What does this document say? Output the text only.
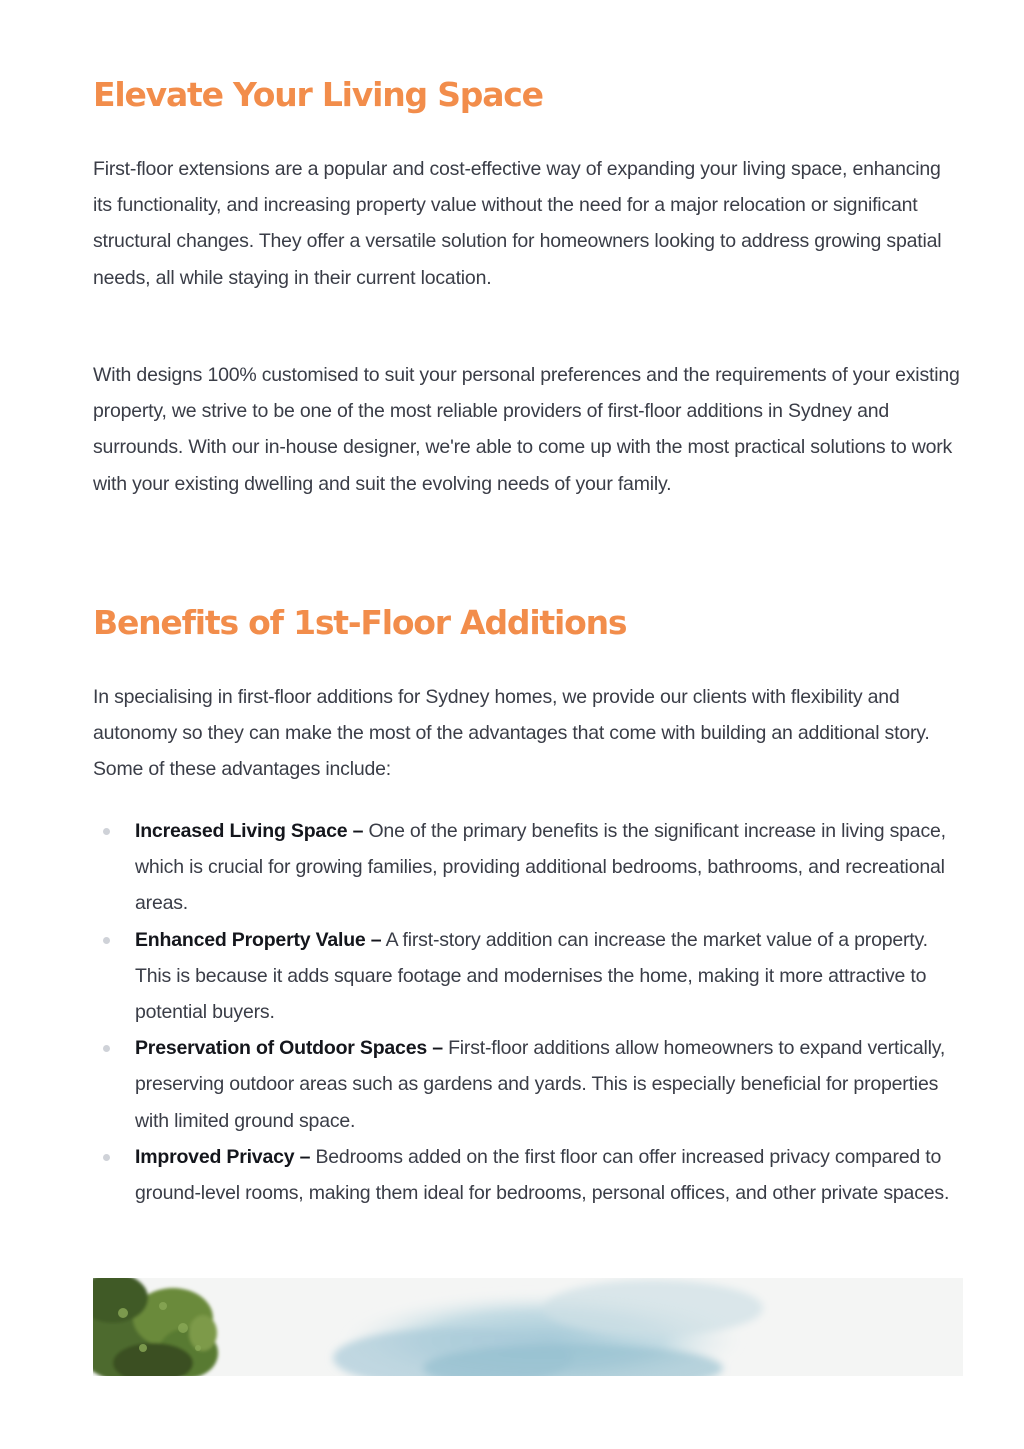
Elevate Your Living Space

First-floor extensions are a popular and cost-effective way of expanding your living space, enhancing its functionality, and increasing property value without the need for a major relocation or significant structural changes. They offer a versatile solution for homeowners looking to address growing spatial needs, all while staying in their current location.

With designs 100% customised to suit your personal preferences and the requirements of your existing property, we strive to be one of the most reliable providers of first-floor additions in Sydney and surrounds. With our in-house designer, we're able to come up with the most practical solutions to work with your existing dwelling and suit the evolving needs of your family.

Benefits of 1st-Floor Additions

In specialising in first-floor additions for Sydney homes, we provide our clients with flexibility and autonomy so they can make the most of the advantages that come with building an additional story. Some of these advantages include:

Increased Living Space – One of the primary benefits is the significant increase in living space, which is crucial for growing families, providing additional bedrooms, bathrooms, and recreational areas.
Enhanced Property Value – A first-story addition can increase the market value of a property. This is because it adds square footage and modernises the home, making it more attractive to potential buyers.
Preservation of Outdoor Spaces – First-floor additions allow homeowners to expand vertically, preserving outdoor areas such as gardens and yards. This is especially beneficial for properties with limited ground space.
Improved Privacy – Bedrooms added on the first floor can offer increased privacy compared to ground-level rooms, making them ideal for bedrooms, personal offices, and other private spaces.
